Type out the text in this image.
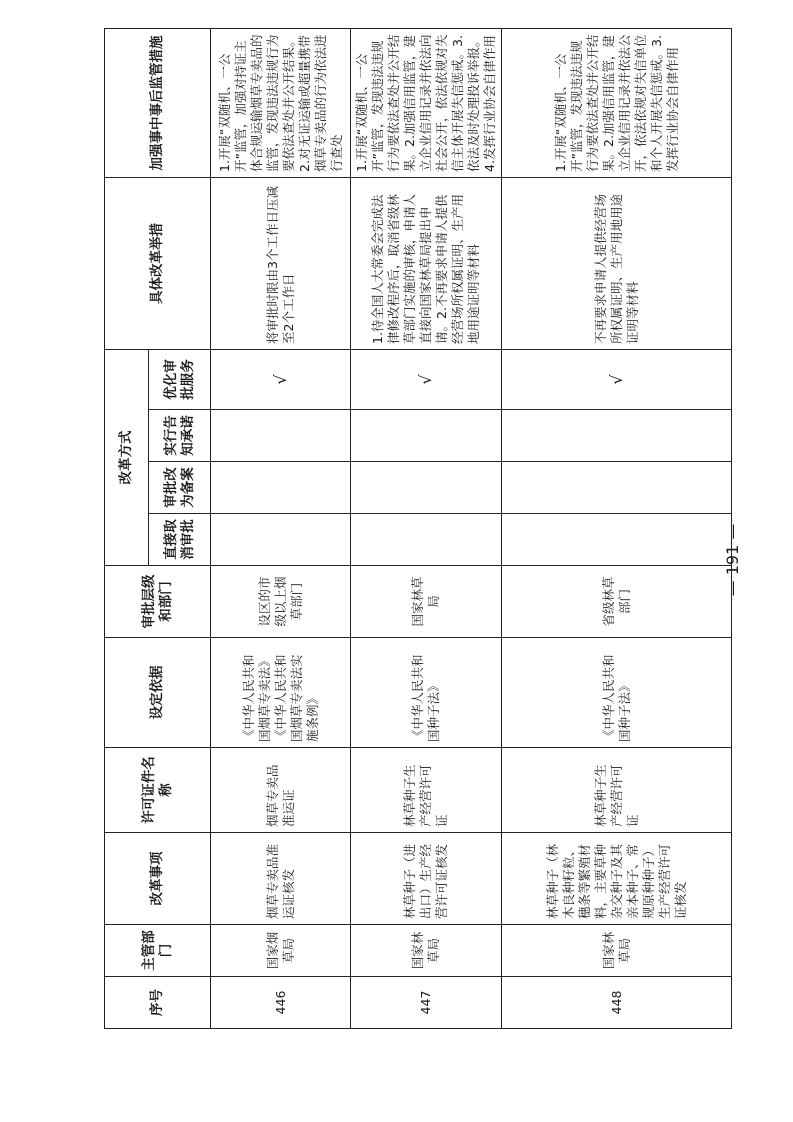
序号	主管部门	改革事项	许可证件名称	设定依据	审批层级和部门	改革方式				具体改革举措	加强事中事后监管措施
						直接取消审批	审批改为备案	实行告知承诺	优化审批服务		
446	国家烟草局	烟草专卖品准运证核发	烟草专卖品准运证	《中华人民共和国烟草专卖法》《中华人民共和国烟草专卖法实施条例》	设区的市级以上烟草部门				√	将审批时限由3个工作日压减至2个工作日	1.开展“双随机、一公开”监管，加强对持证主体合规运输烟草专卖品的监管，发现违法违规行为要依法查处并公开结果。2.对无证运输或超量携带烟草专卖品的行为依法进行查处
447	国家林草局	林草种子（进出口）生产经营许可证核发	林草种子生产经营许可证	《中华人民共和国种子法》	国家林草局				√	1.待全国人大常委会完成法律修改程序后，取消省级林草部门实施的审核，申请人直接向国家林草局提出申请。2.不再要求申请人提供经营场所权属证明、生产用地用途证明等材料	1.开展“双随机、一公开”监管，发现违法违规行为要依法查处并公开结果。2.加强信用监管，建立企业信用记录并依法向社会公开，依法依规对失信主体开展失信惩戒。3.依法及时处理投诉举报。4.发挥行业协会自律作用
448	国家林草局	林草种子（林木良种籽粒、穗条等繁殖材料，主要草种杂交种子及其亲本种子、常规原种种子）生产经营许可证核发	林草种子生产经营许可证	《中华人民共和国种子法》	省级林草部门				√	不再要求申请人提供经营场所权属证明、生产用地用途证明等材料	1.开展“双随机、一公开”监管，发现违法违规行为要依法查处并公开结果。2.加强信用监管，建立企业信用记录并依法公开，依法依规对失信单位和个人开展失信惩戒。3.发挥行业协会自律作用
— 191 —
